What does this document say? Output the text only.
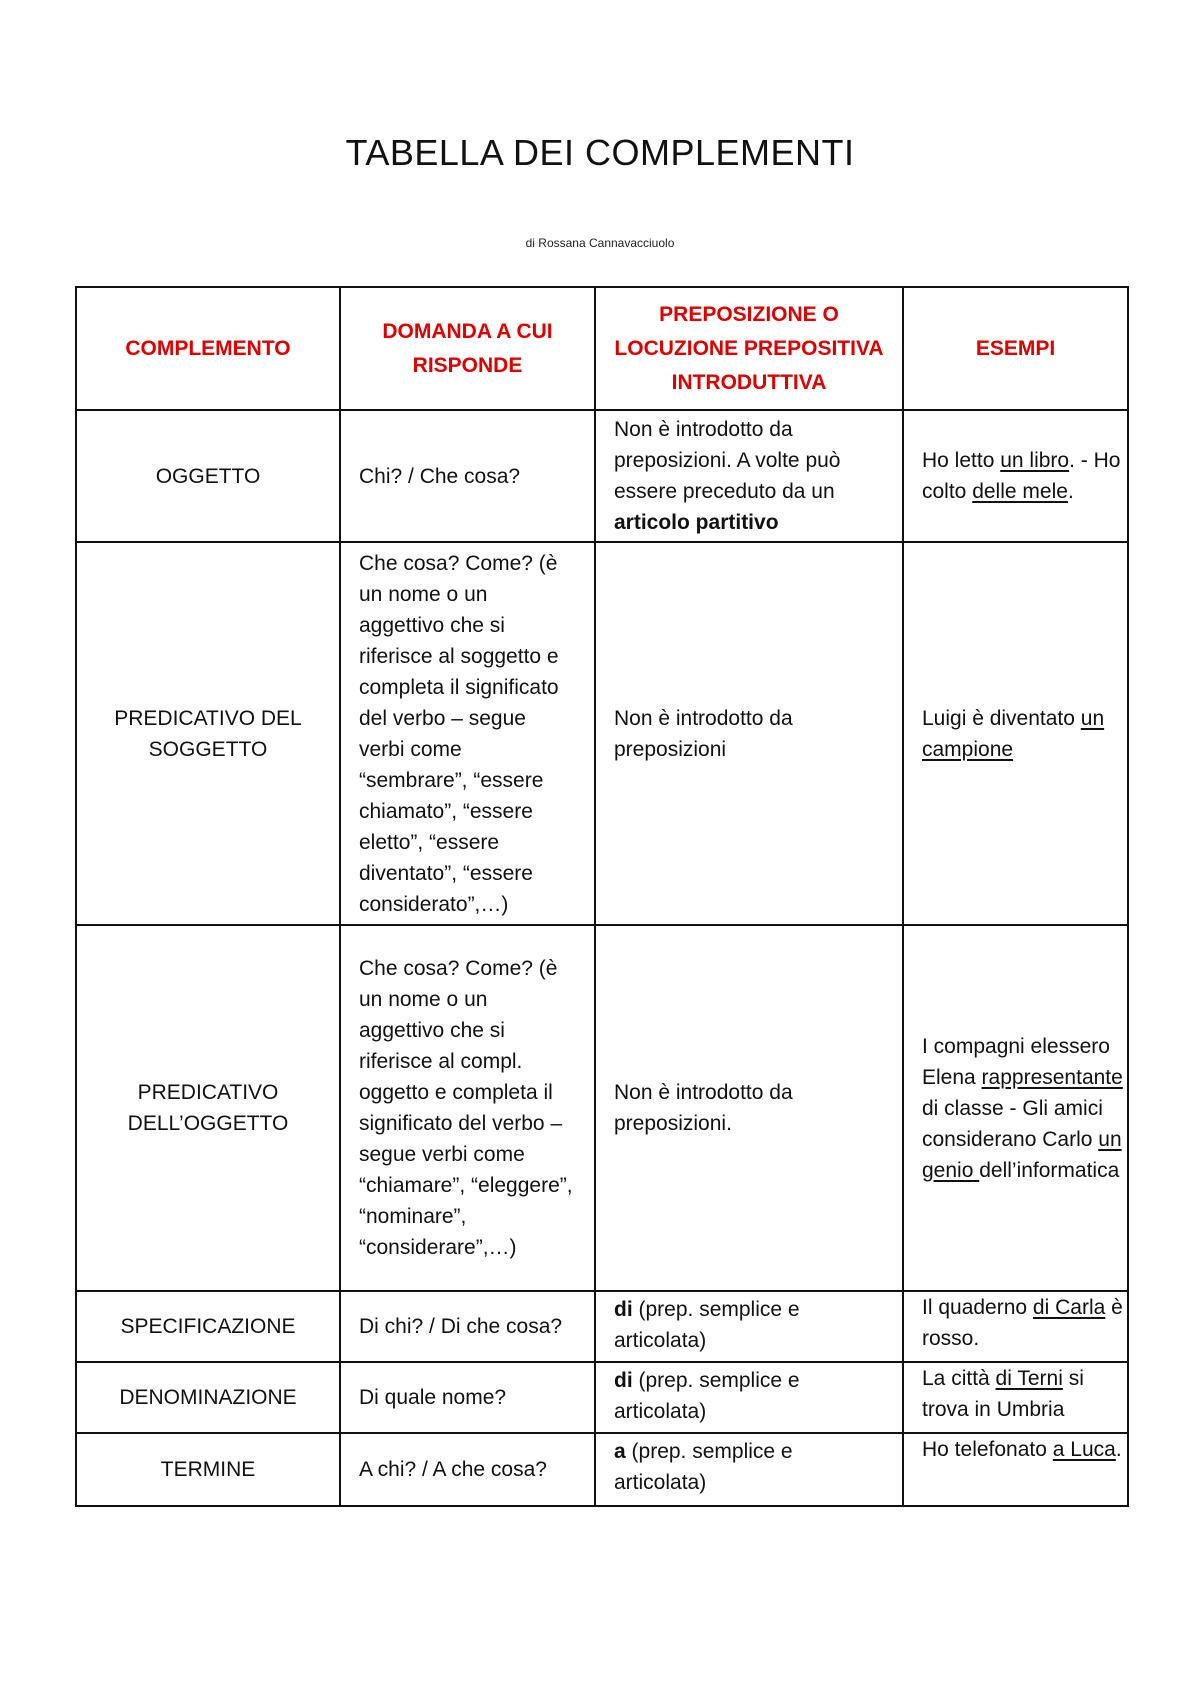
TABELLA DEI COMPLEMENTI
di Rossana Cannavacciuolo
COMPLEMENTO	DOMANDA A CUI RISPONDE	PREPOSIZIONE O LOCUZIONE PREPOSITIVA INTRODUTTIVA	ESEMPI
OGGETTO	Chi? / Che cosa?	Non è introdotto da preposizioni. A volte può essere preceduto da un articolo partitivo	Ho letto un libro. - Ho colto delle mele.
PREDICATIVO DEL SOGGETTO	Che cosa? Come? (è un nome o un aggettivo che si riferisce al soggetto e completa il significato del verbo – segue verbi come “sembrare”, “essere chiamato”, “essere eletto”, “essere diventato”, “essere considerato”,…)	Non è introdotto da preposizioni	Luigi è diventato un campione
PREDICATIVO DELL’OGGETTO	Che cosa? Come? (è un nome o un aggettivo che si riferisce al compl. oggetto e completa il significato del verbo – segue verbi come “chiamare”, “eleggere”, “nominare”, “considerare”,…)	Non è introdotto da preposizioni.	I compagni elessero Elena rappresentante di classe - Gli amici considerano Carlo un genio dell’informatica
SPECIFICAZIONE	Di chi? / Di che cosa?	di (prep. semplice e articolata)	Il quaderno di Carla è rosso.
DENOMINAZIONE	Di quale nome?	di (prep. semplice e articolata)	La città di Terni si trova in Umbria
TERMINE	A chi? / A che cosa?	a (prep. semplice e articolata)	Ho telefonato a Luca.
